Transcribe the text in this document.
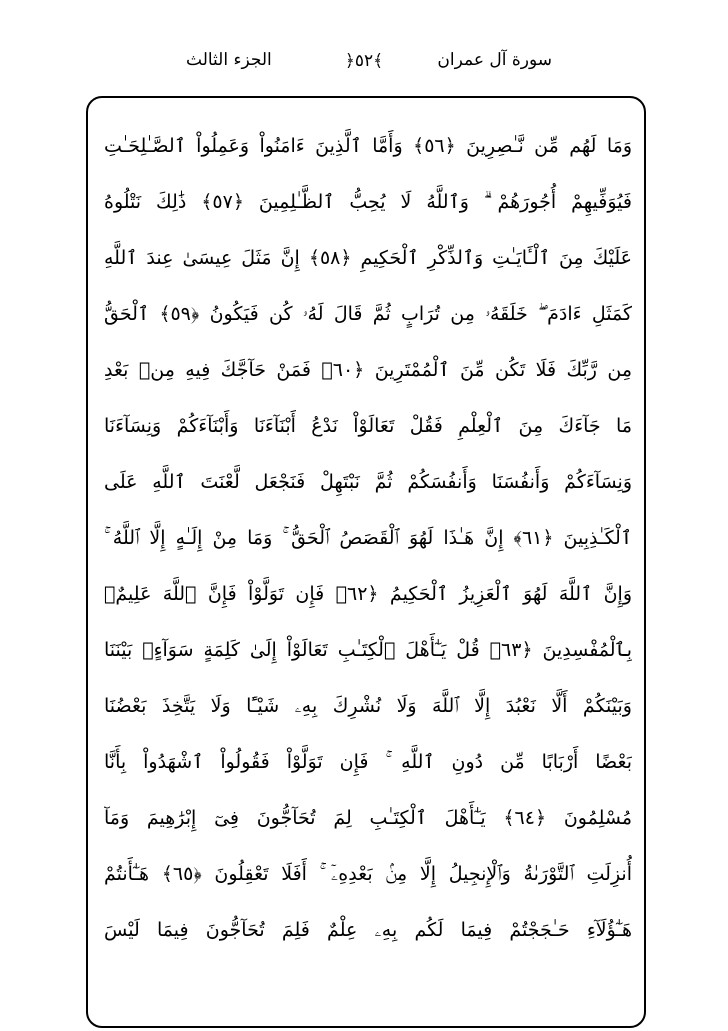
الجزء الثالث	﴿٥٢﴾	سورة آل عمران
وَمَا لَهُم مِّن نَّـٰصِرِينَ ﴿٥٦﴾ وَأَمَّا ٱلَّذِينَ ءَامَنُواْ وَعَمِلُواْ ٱلصَّـٰلِحَـٰتِ
فَيُوَفِّيهِمْ أُجُورَهُمْ ۗ وَٱللَّهُ لَا يُحِبُّ ٱلظَّـٰلِمِينَ ﴿٥٧﴾ ذَٰلِكَ نَتْلُوهُ
عَلَيْكَ مِنَ ٱلْـَٔايَـٰتِ وَٱلذِّكْرِ ٱلْحَكِيمِ ﴿٥٨﴾ إِنَّ مَثَلَ عِيسَىٰ عِندَ ٱللَّهِ
كَمَثَلِ ءَادَمَ ۖ خَلَقَهُۥ مِن تُرَابٍ ثُمَّ قَالَ لَهُۥ كُن فَيَكُونُ ﴿٥٩﴾ ٱلْحَقُّ
مِن رَّبِّكَ فَلَا تَكُن مِّنَ ٱلْمُمْتَرِينَ ﴿٦٠﴾ فَمَنْ حَآجَّكَ فِيهِ مِنۢ بَعْدِ
مَا جَآءَكَ مِنَ ٱلْعِلْمِ فَقُلْ تَعَالَوْاْ نَدْعُ أَبْنَآءَنَا وَأَبْنَآءَكُمْ وَنِسَآءَنَا
وَنِسَآءَكُمْ وَأَنفُسَنَا وَأَنفُسَكُمْ ثُمَّ نَبْتَهِلْ فَنَجْعَل لَّعْنَتَ ٱللَّهِ عَلَى
ٱلْكَـٰذِبِينَ ﴿٦١﴾ إِنَّ هَـٰذَا لَهُوَ ٱلْقَصَصُ ٱلْحَقُّ ۚ وَمَا مِنْ إِلَـٰهٍ إِلَّا ٱللَّهُ ۚ
وَإِنَّ ٱللَّهَ لَهُوَ ٱلْعَزِيزُ ٱلْحَكِيمُ ﴿٦٢﴾ فَإِن تَوَلَّوْاْ فَإِنَّ ٱللَّهَ عَلِيمٌۢ
بِٱلْمُفْسِدِينَ ﴿٦٣﴾ قُلْ يَـٰٓأَهْلَ ٱلْكِتَـٰبِ تَعَالَوْاْ إِلَىٰ كَلِمَةٍ سَوَآءٍۭ بَيْنَنَا
وَبَيْنَكُمْ أَلَّا نَعْبُدَ إِلَّا ٱللَّهَ وَلَا نُشْرِكَ بِهِۦ شَيْـًٔا وَلَا يَتَّخِذَ بَعْضُنَا
بَعْضًا أَرْبَابًا مِّن دُونِ ٱللَّهِ ۚ فَإِن تَوَلَّوْاْ فَقُولُواْ ٱشْهَدُواْ بِأَنَّا
مُسْلِمُونَ ﴿٦٤﴾ يَـٰٓأَهْلَ ٱلْكِتَـٰبِ لِمَ تُحَآجُّونَ فِىٓ إِبْرَٰهِيمَ وَمَآ
أُنزِلَتِ ٱلتَّوْرَىٰةُ وَٱلْإِنجِيلُ إِلَّا مِنۢ بَعْدِهِۦٓ ۚ أَفَلَا تَعْقِلُونَ ﴿٦٥﴾ هَـٰٓأَنتُمْ
هَـٰٓؤُلَآءِ حَـٰجَجْتُمْ فِيمَا لَكُم بِهِۦ عِلْمٌ فَلِمَ تُحَآجُّونَ فِيمَا لَيْسَ
